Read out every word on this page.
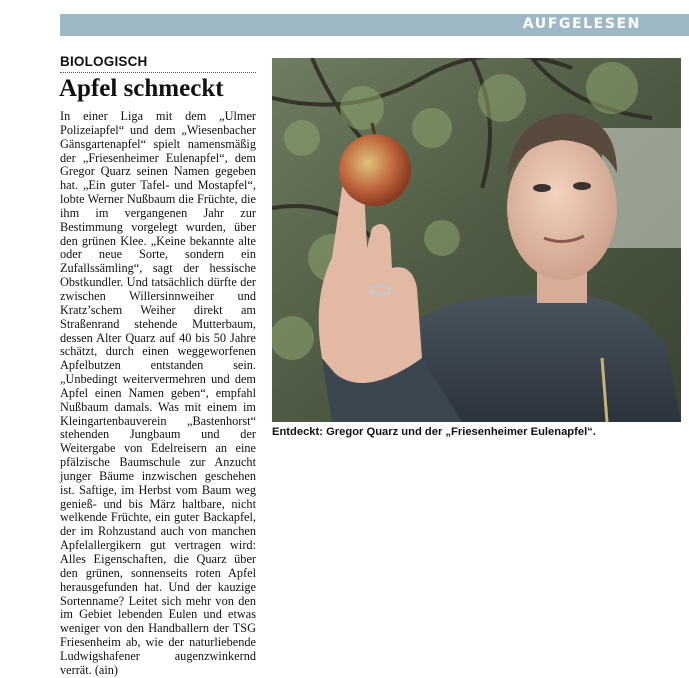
AUFGELESEN
BIOLOGISCH
Apfel schmeckt

In einer Liga mit dem „Ulmer Polizeiapfel“ und dem „Wiesenbacher Gänsgartenapfel“ spielt namensmäßig der „Friesenheimer Eulenapfel“, dem Gregor Quarz seinen Namen gegeben hat. „Ein guter Tafel- und Mostapfel“, lobte Werner Nußbaum die Früchte, die ihm im vergangenen Jahr zur Bestimmung vorgelegt wurden, über den grünen Klee. „Keine bekannte alte oder neue Sorte, sondern ein Zufallssämling“, sagt der hessische Obstkundler. Und tatsächlich dürfte der zwischen Willersinnweiher und Kratz’schem Weiher direkt am Straßenrand stehende Mutterbaum, dessen Alter Quarz auf 40 bis 50 Jahre schätzt, durch einen weggeworfenen Apfelbutzen entstanden sein. „Unbedingt weitervermehren und dem Apfel einen Namen geben“, empfahl Nußbaum damals. Was mit einem im Kleingartenbauverein „Bastenhorst“ stehenden Jungbaum und der Weitergabe von Edelreisern an eine pfälzische Baumschule zur Anzucht junger Bäume inzwischen geschehen ist. Saftige, im Herbst vom Baum weg genieß- und bis März haltbare, nicht welkende Früchte, ein guter Backapfel, der im Rohzustand auch von manchen Apfelallergikern gut vertragen wird: Alles Eigenschaften, die Quarz über den grünen, sonnenseits roten Apfel herausgefunden hat. Und der kauzige Sortenname? Leitet sich mehr von den im Gebiet lebenden Eulen und etwas weniger von den Handballern der TSG Friesenheim ab, wie der naturliebende Ludwigshafener augenzwinkernd verrät. (ain)

Entdeckt: Gregor Quarz und der „Friesenheimer Eulenapfel“.
